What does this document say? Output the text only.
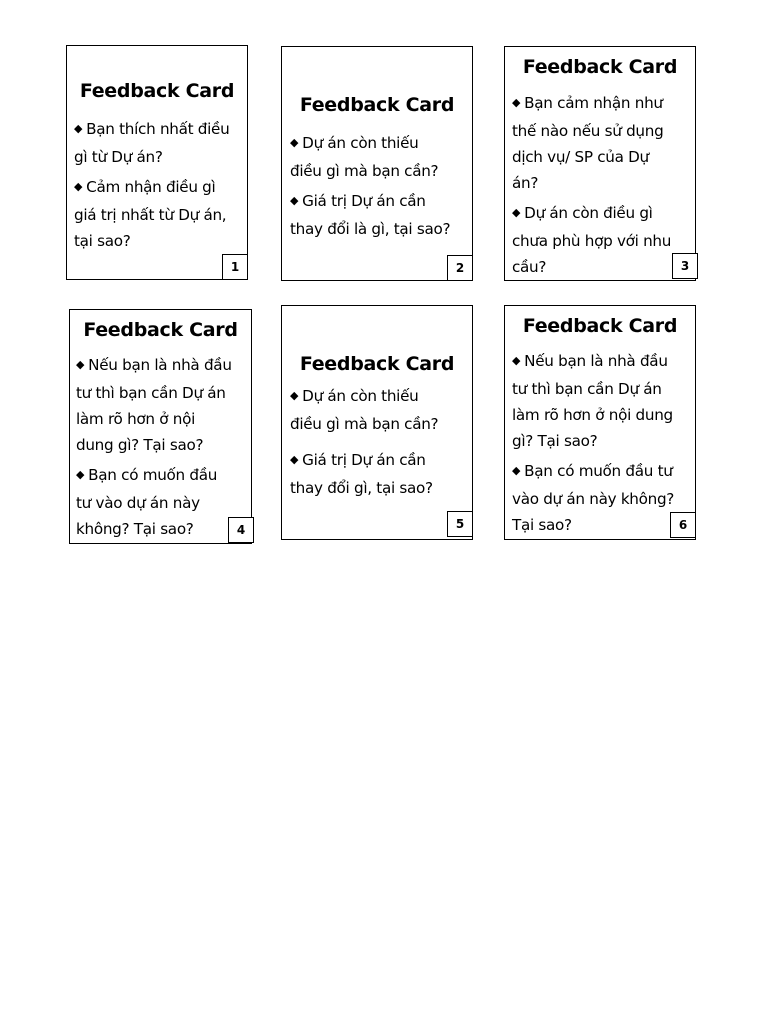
Feedback Card
◆ Bạn thích nhất điều
gì từ Dự án?
◆ Cảm nhận điều gì
giá trị nhất từ Dự án,
tại sao?
1
Feedback Card
◆ Dự án còn thiếu
điều gì mà bạn cần?
◆ Giá trị Dự án cần
thay đổi là gì, tại sao?
2
Feedback Card
◆ Bạn cảm nhận như
thế nào nếu sử dụng
dịch vụ/ SP của Dự
án?
◆ Dự án còn điều gì
chưa phù hợp với nhu
cầu?	3
Feedback Card
◆ Nếu bạn là nhà đầu
tư thì bạn cần Dự án
làm rõ hơn ở nội
dung gì? Tại sao?
◆ Bạn có muốn đầu
tư vào dự án này
không? Tại sao?	4
Feedback Card
◆ Dự án còn thiếu
điều gì mà bạn cần?
◆ Giá trị Dự án cần
thay đổi gì, tại sao?
5
Feedback Card
◆ Nếu bạn là nhà đầu
tư thì bạn cần Dự án
làm rõ hơn ở nội dung
gì? Tại sao?
◆ Bạn có muốn đầu tư
vào dự án này không?
Tại sao?	6
